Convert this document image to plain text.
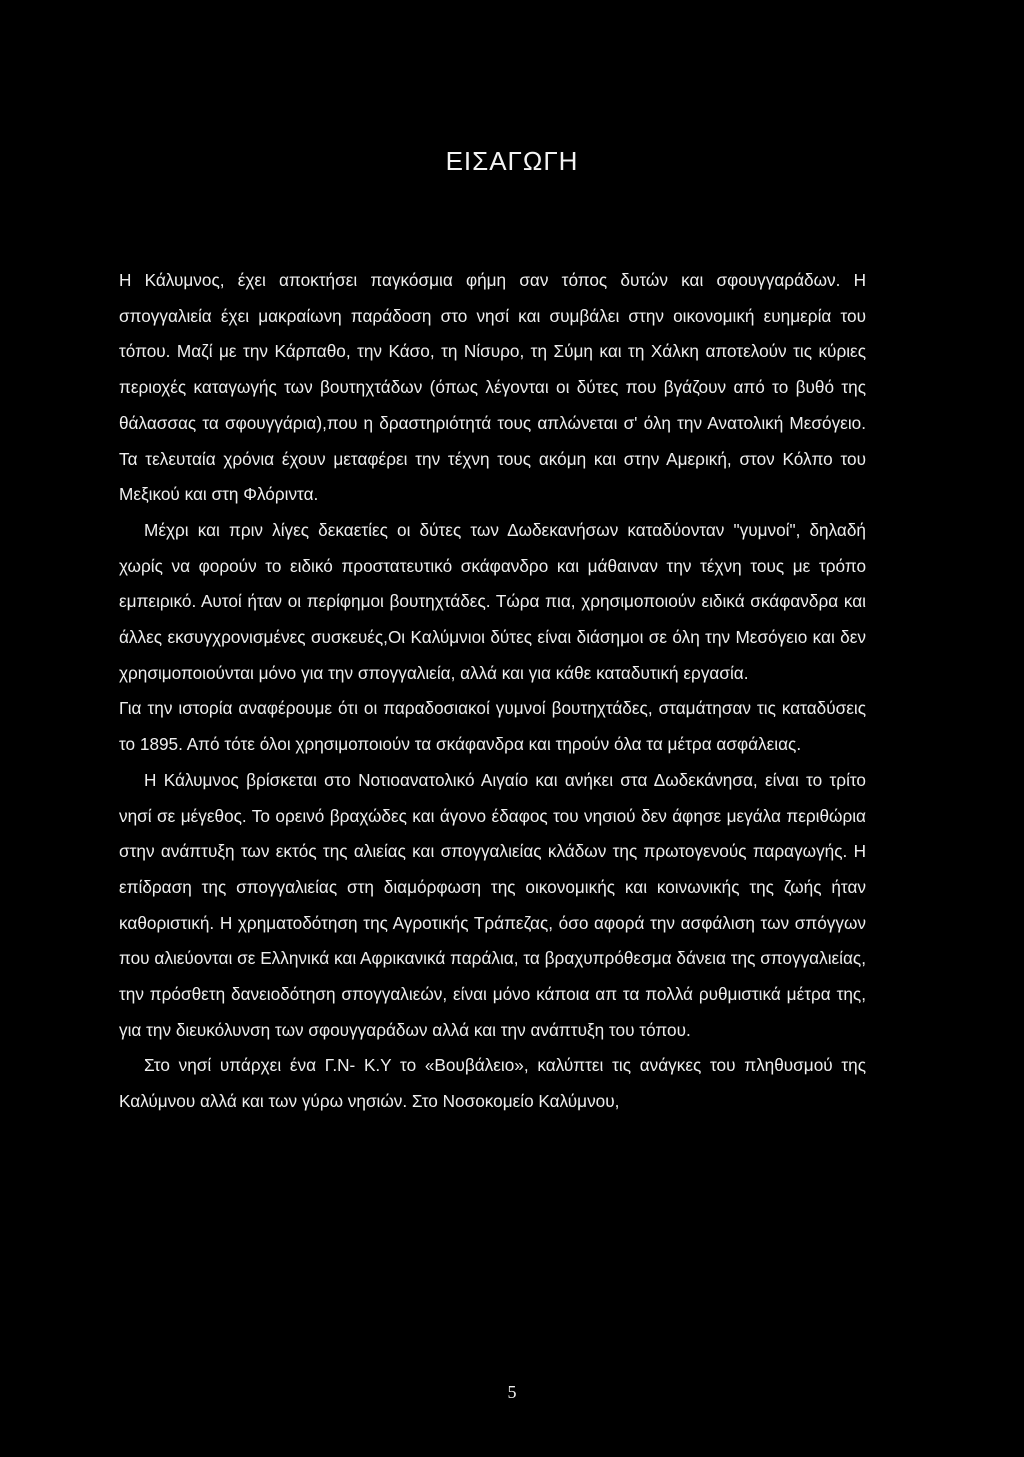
ΕΙΣΑΓΩΓΗ

Η Κάλυμνος, έχει αποκτήσει παγκόσμια φήμη σαν τόπος δυτών και σφουγγαράδων. Η σπογγαλιεία έχει μακραίωνη παράδοση στο νησί και συμβάλει στην οικονομική ευημερία του τόπου. Μαζί με την Κάρπαθο, την Κάσο, τη Νίσυρο, τη Σύμη και τη Χάλκη αποτελούν τις κύριες περιοχές καταγωγής των βουτηχτάδων (όπως λέγονται οι δύτες που βγάζουν από το βυθό της θάλασσας τα σφουγγάρια),που η δραστηριότητά τους απλώνεται σ' όλη την Ανατολική Μεσόγειο. Τα τελευταία χρόνια έχουν μεταφέρει την τέχνη τους ακόμη και στην Αμερική, στον Κόλπο του Μεξικού και στη Φλόριντα.

Μέχρι και πριν λίγες δεκαετίες οι δύτες των Δωδεκανήσων καταδύονταν "γυμνοί", δηλαδή χωρίς να φορούν το ειδικό προστατευτικό σκάφανδρο και μάθαιναν την τέχνη τους με τρόπο εμπειρικό. Αυτοί ήταν οι περίφημοι βουτηχτάδες. Τώρα πια, χρησιμοποιούν ειδικά σκάφανδρα και άλλες εκσυγχρονισμένες συσκευές,Οι Καλύμνιοι δύτες είναι διάσημοι σε όλη την Μεσόγειο και δεν χρησιμοποιούνται μόνο για την σπογγαλιεία, αλλά και για κάθε καταδυτική εργασία.

Για την ιστορία αναφέρουμε ότι οι παραδοσιακοί γυμνοί βουτηχτάδες, σταμάτησαν τις καταδύσεις το 1895. Από τότε όλοι χρησιμοποιούν τα σκάφανδρα και τηρούν όλα τα μέτρα ασφάλειας.

Η Κάλυμνος βρίσκεται στο Νοτιοανατολικό Αιγαίο και ανήκει στα Δωδεκάνησα, είναι το τρίτο νησί σε μέγεθος. Το ορεινό βραχώδες και άγονο έδαφος του νησιού δεν άφησε μεγάλα περιθώρια στην ανάπτυξη των εκτός της αλιείας και σπογγαλιείας κλάδων της πρωτογενούς παραγωγής. Η επίδραση της σπογγαλιείας στη διαμόρφωση της οικονομικής και κοινωνικής της ζωής ήταν καθοριστική. Η χρηματοδότηση της Αγροτικής Τράπεζας, όσο αφορά την ασφάλιση των σπόγγων που αλιεύονται σε Ελληνικά και Αφρικανικά παράλια, τα βραχυπρόθεσμα δάνεια της σπογγαλιείας, την πρόσθετη δανειοδότηση σπογγαλιεών, είναι μόνο κάποια απ τα πολλά ρυθμιστικά μέτρα της, για την διευκόλυνση των σφουγγαράδων αλλά και την ανάπτυξη του τόπου.

Στο νησί υπάρχει ένα Γ.Ν- Κ.Υ το «Βουβάλειο», καλύπτει τις ανάγκες του πληθυσμού της Καλύμνου αλλά και των γύρω νησιών. Στο Νοσοκομείο Καλύμνου,

5
